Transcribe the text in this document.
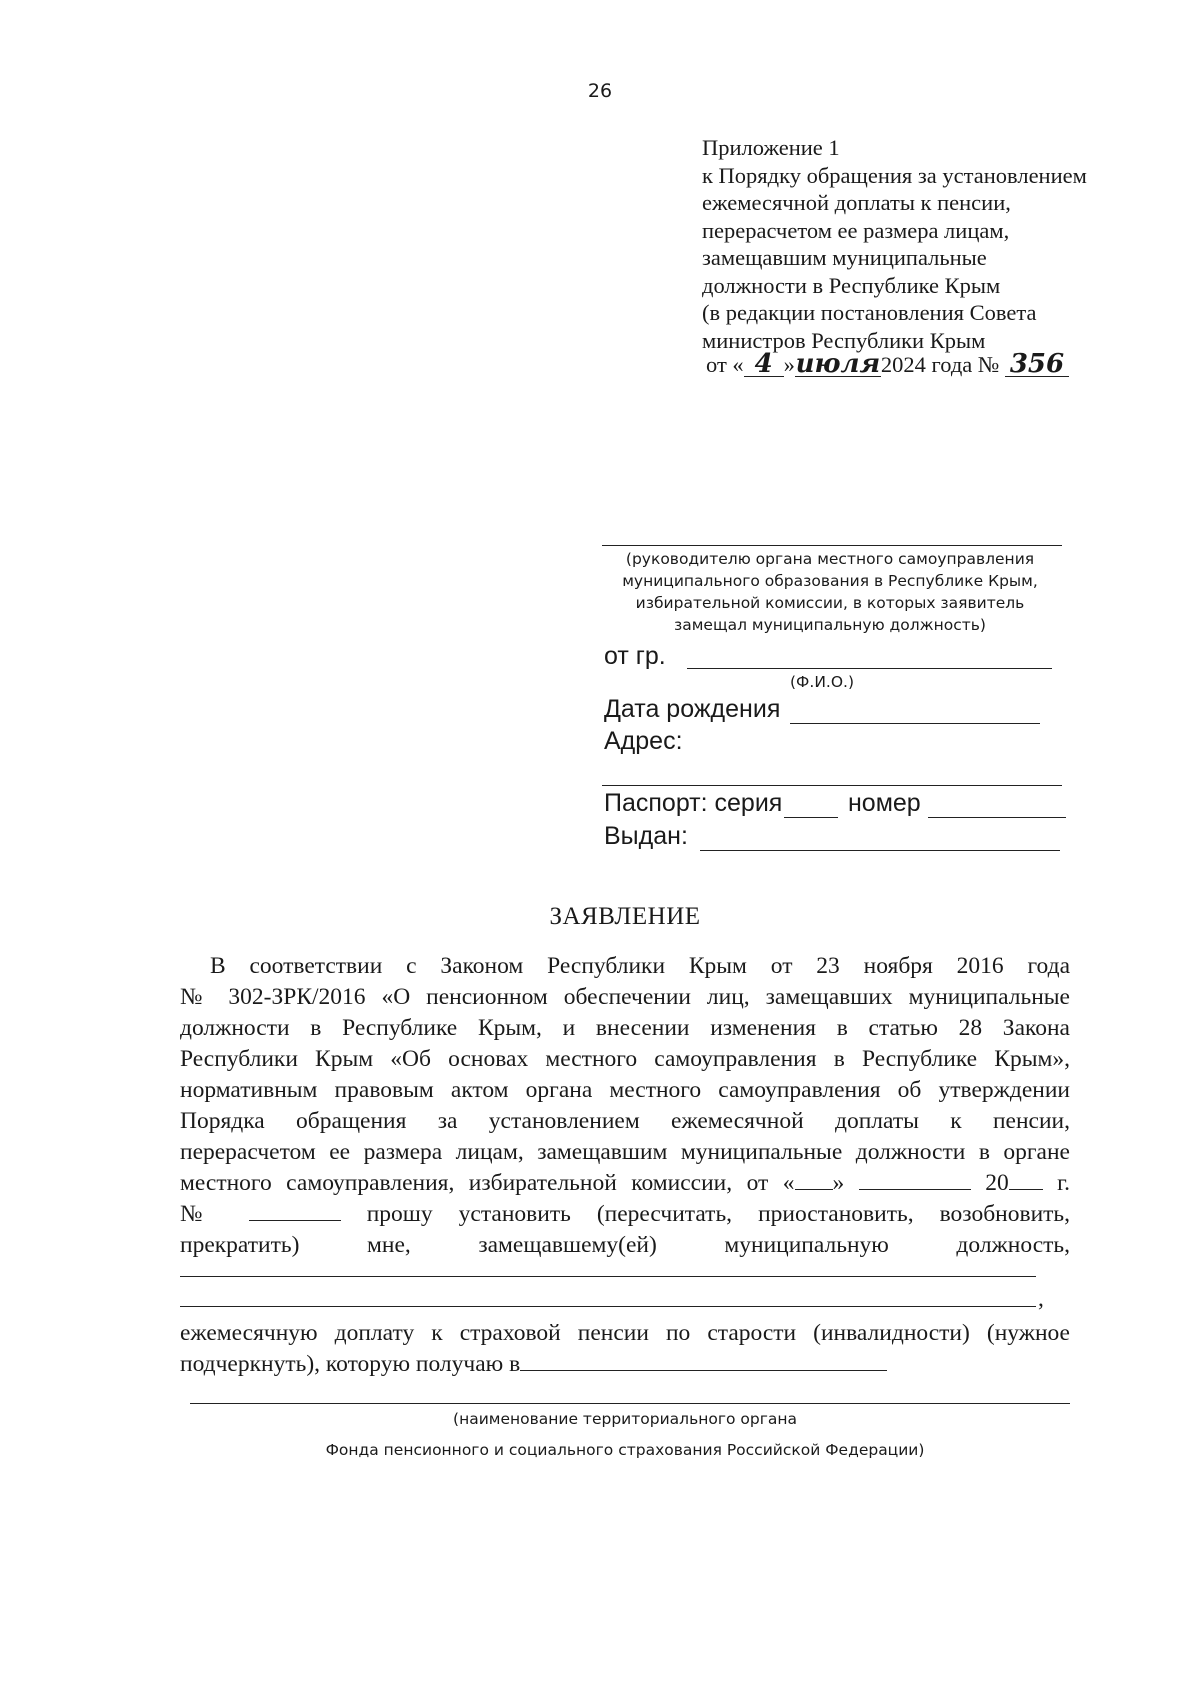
26
Приложение 1
к Порядку обращения за установлением
ежемесячной доплаты к пенсии,
перерасчетом ее размера лицам,
замещавшим муниципальные
должности в Республике Крым
(в редакции постановления Совета
министров Республики Крым
от « 4 »июля2024 года № 356
(руководителю органа местного самоуправления
муниципального образования в Республике Крым,
избирательной комиссии, в которых заявитель
замещал муниципальную должность)
от гр.
(Ф.И.О.)
Дата рождения
Адрес:
Паспорт: серия	номер
Выдан:
ЗАЯВЛЕНИЕ
В соответствии с Законом Республики Крым от 23 ноября 2016 года
№ 302-ЗРК/2016 «О пенсионном обеспечении лиц, замещавших муниципальные
должности в Республике Крым, и внесении изменения в статью 28 Закона
Республики Крым «Об основах местного самоуправления в Республике Крым»,
нормативным правовым актом органа местного самоуправления об утверждении
Порядка обращения за установлением ежемесячной доплаты к пенсии,
перерасчетом ее размера лицам, замещавшим муниципальные должности в органе
местного самоуправления, избирательной комиссии, от « »	20 г.
№	прошу установить (пересчитать, приостановить, возобновить,
прекратить) мне, замещавшему(ей) муниципальную должность,
,
ежемесячную доплату к страховой пенсии по старости (инвалидности) (нужное
подчеркнуть), которую получаю в
(наименование территориального органа
Фонда пенсионного и социального страхования Российской Федерации)
